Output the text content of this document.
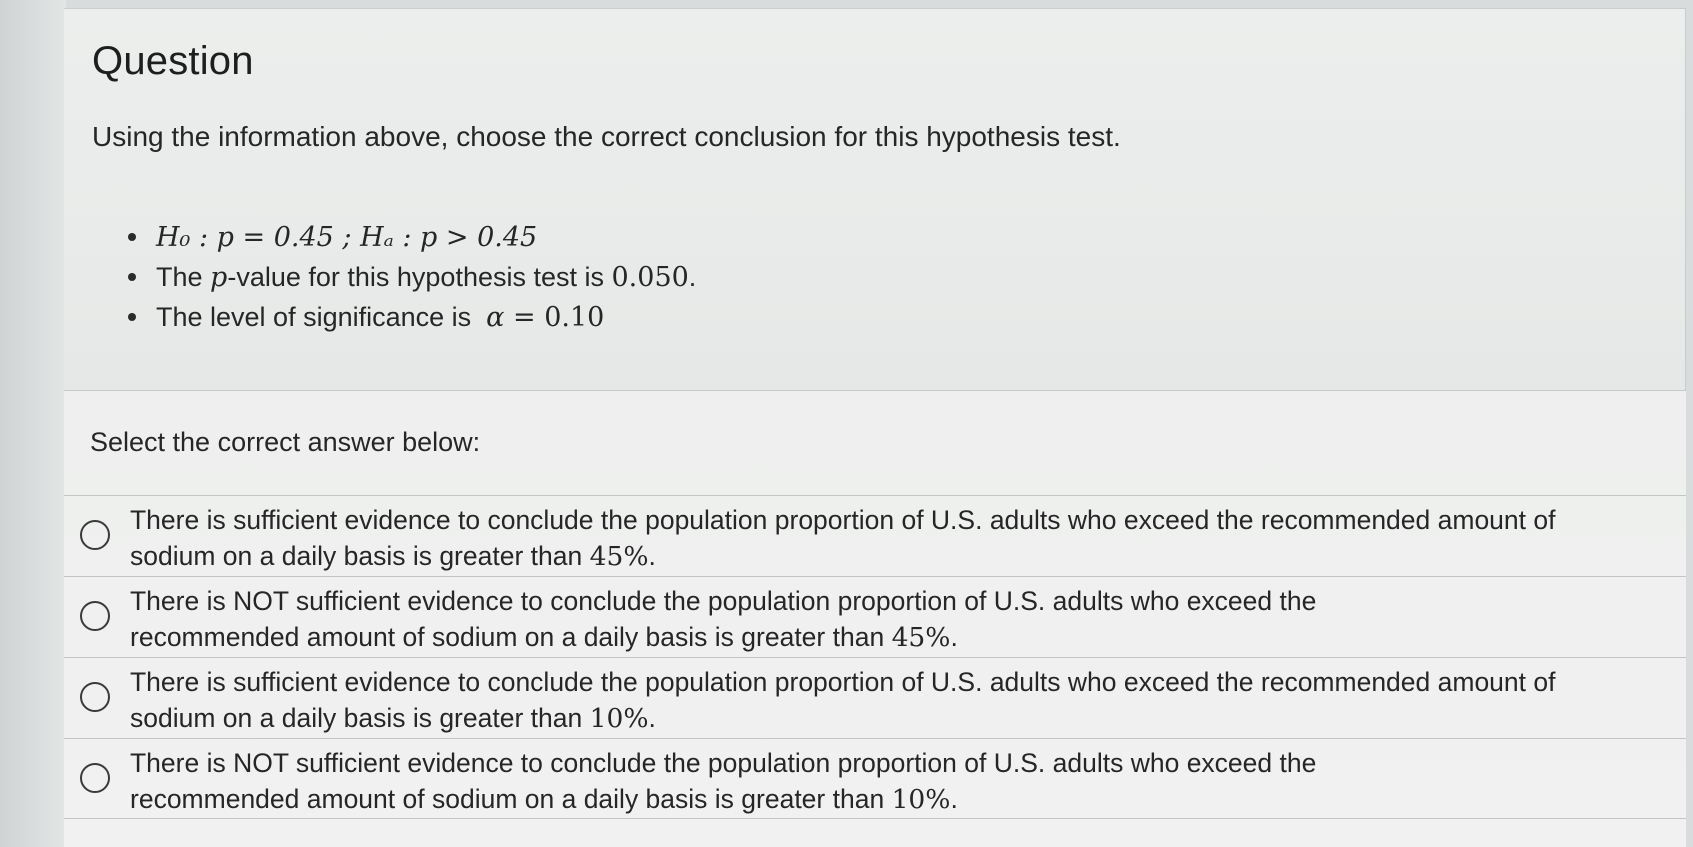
Question

Using the information above, choose the correct conclusion for this hypothesis test.

H₀ : p = 0.45 ; Hₐ : p > 0.45
The p-value for this hypothesis test is 0.050.
The level of significance is  α = 0.10

Select the correct answer below:

There is sufficient evidence to conclude the population proportion of U.S. adults who exceed the recommended amount of sodium on a daily basis is greater than 45%.
There is NOT sufficient evidence to conclude the population proportion of U.S. adults who exceed the recommended amount of sodium on a daily basis is greater than 45%.
There is sufficient evidence to conclude the population proportion of U.S. adults who exceed the recommended amount of sodium on a daily basis is greater than 10%.
There is NOT sufficient evidence to conclude the population proportion of U.S. adults who exceed the recommended amount of sodium on a daily basis is greater than 10%.
